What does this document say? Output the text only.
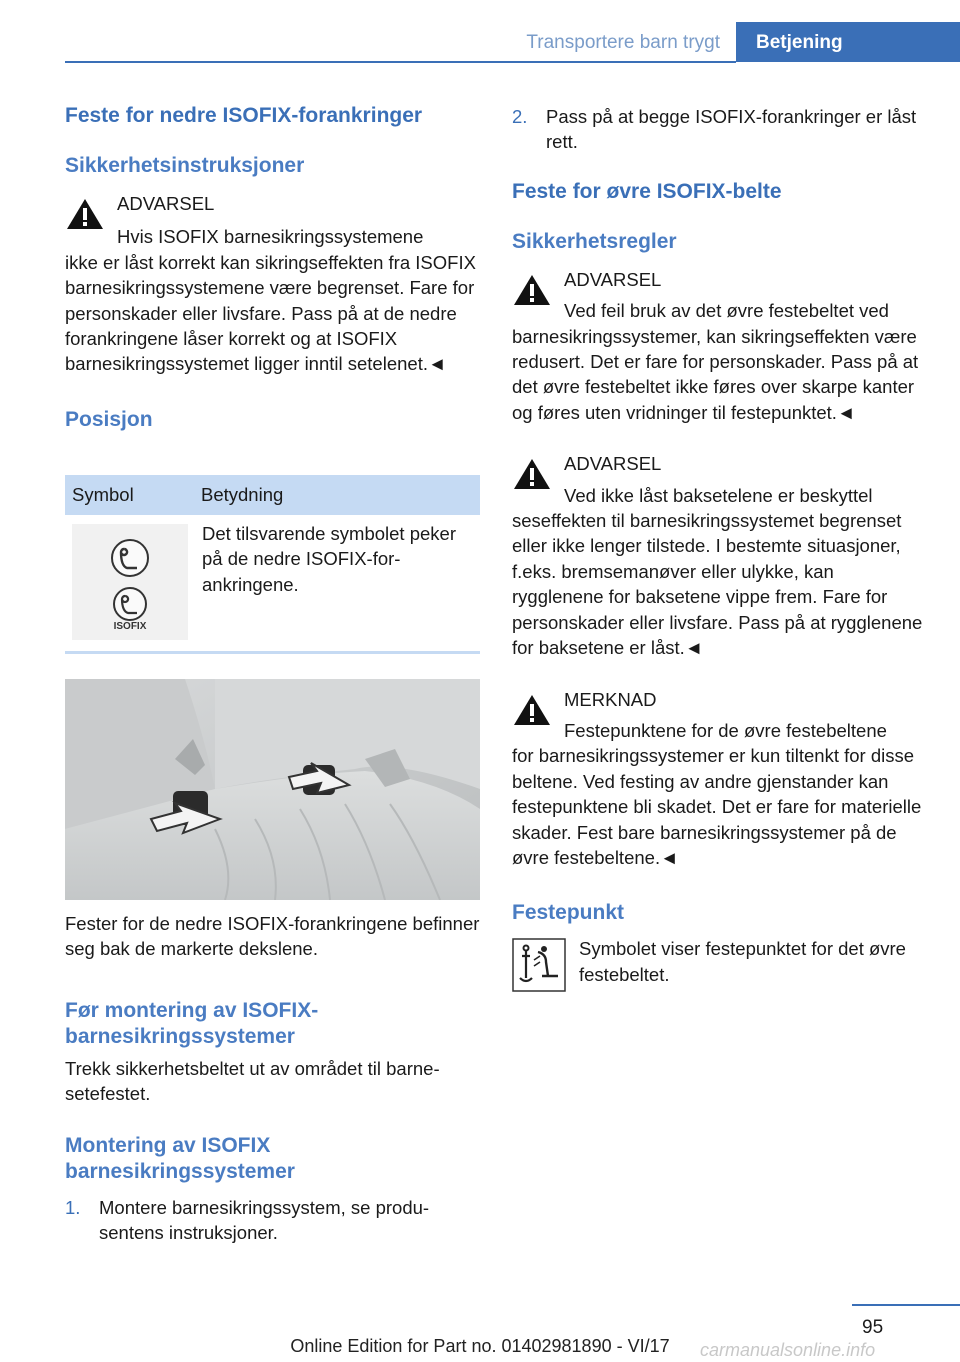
Transportere barn trygt	Betjening
Feste for nedre ISOFIX-forankringer
Sikkerhetsinstruksjoner
ADVARSEL
Hvis ISOFIX barnesikringssystemene

ikke er låst korrekt kan sikringseffekten fra ISOFIX barnesikringssystemene være begrenset. Fare for personskader eller livsfare. Pass på at de nedre forankringene låser korrekt og at ISOFIX barnesikringssystemet ligger inntil setelenet.◄

Posisjon
Symbol	Betydning
ISOFIX
Det tilsvarende symbolet peker på de nedre ISOFIX-forankringene.

Fester for de nedre ISOFIX-forankringene befinner seg bak de markerte dekslene.

Før montering av ISOFIX-barnesikringssystemer

Trekk sikkerhetsbeltet ut av området til barnesetefestet.

Montering av ISOFIX barnesikringssystemer
1. Montere barnesikringssystem, se produsentens instruksjoner.
2. Pass på at begge ISOFIX-forankringer er låst rett.
Feste for øvre ISOFIX-belte
Sikkerhetsregler
ADVARSEL
Ved feil bruk av det øvre festebeltet ved

barnesikringssystemer, kan sikringseffekten være redusert. Det er fare for personskader. Pass på at det øvre festebeltet ikke føres over skarpe kanter og føres uten vridninger til festepunktet.◄

ADVARSEL
Ved ikke låst baksetelene er beskyttel

seseffekten til barnesikringssystemet begrenset eller ikke lenger tilstede. I bestemte situasjoner, f.eks. bremsemanøver eller ulykke, kan rygglenene for baksetene vippe frem. Fare for personskader eller livsfare. Pass på at rygglenene for baksetene er låst.◄

MERKNAD
Festepunktene for de øvre festebeltene

for barnesikringssystemer er kun tiltenkt for disse beltene. Ved festing av andre gjenstander kan festepunktene bli skadet. Det er fare for materielle skader. Fest bare barnesikringssystemer på de øvre festebeltene.◄

Festepunkt
Symbolet viser festepunktet for det øvre festebeltet.
95
Online Edition for Part no. 01402981890 - VI/17	carmanualsonline.info
